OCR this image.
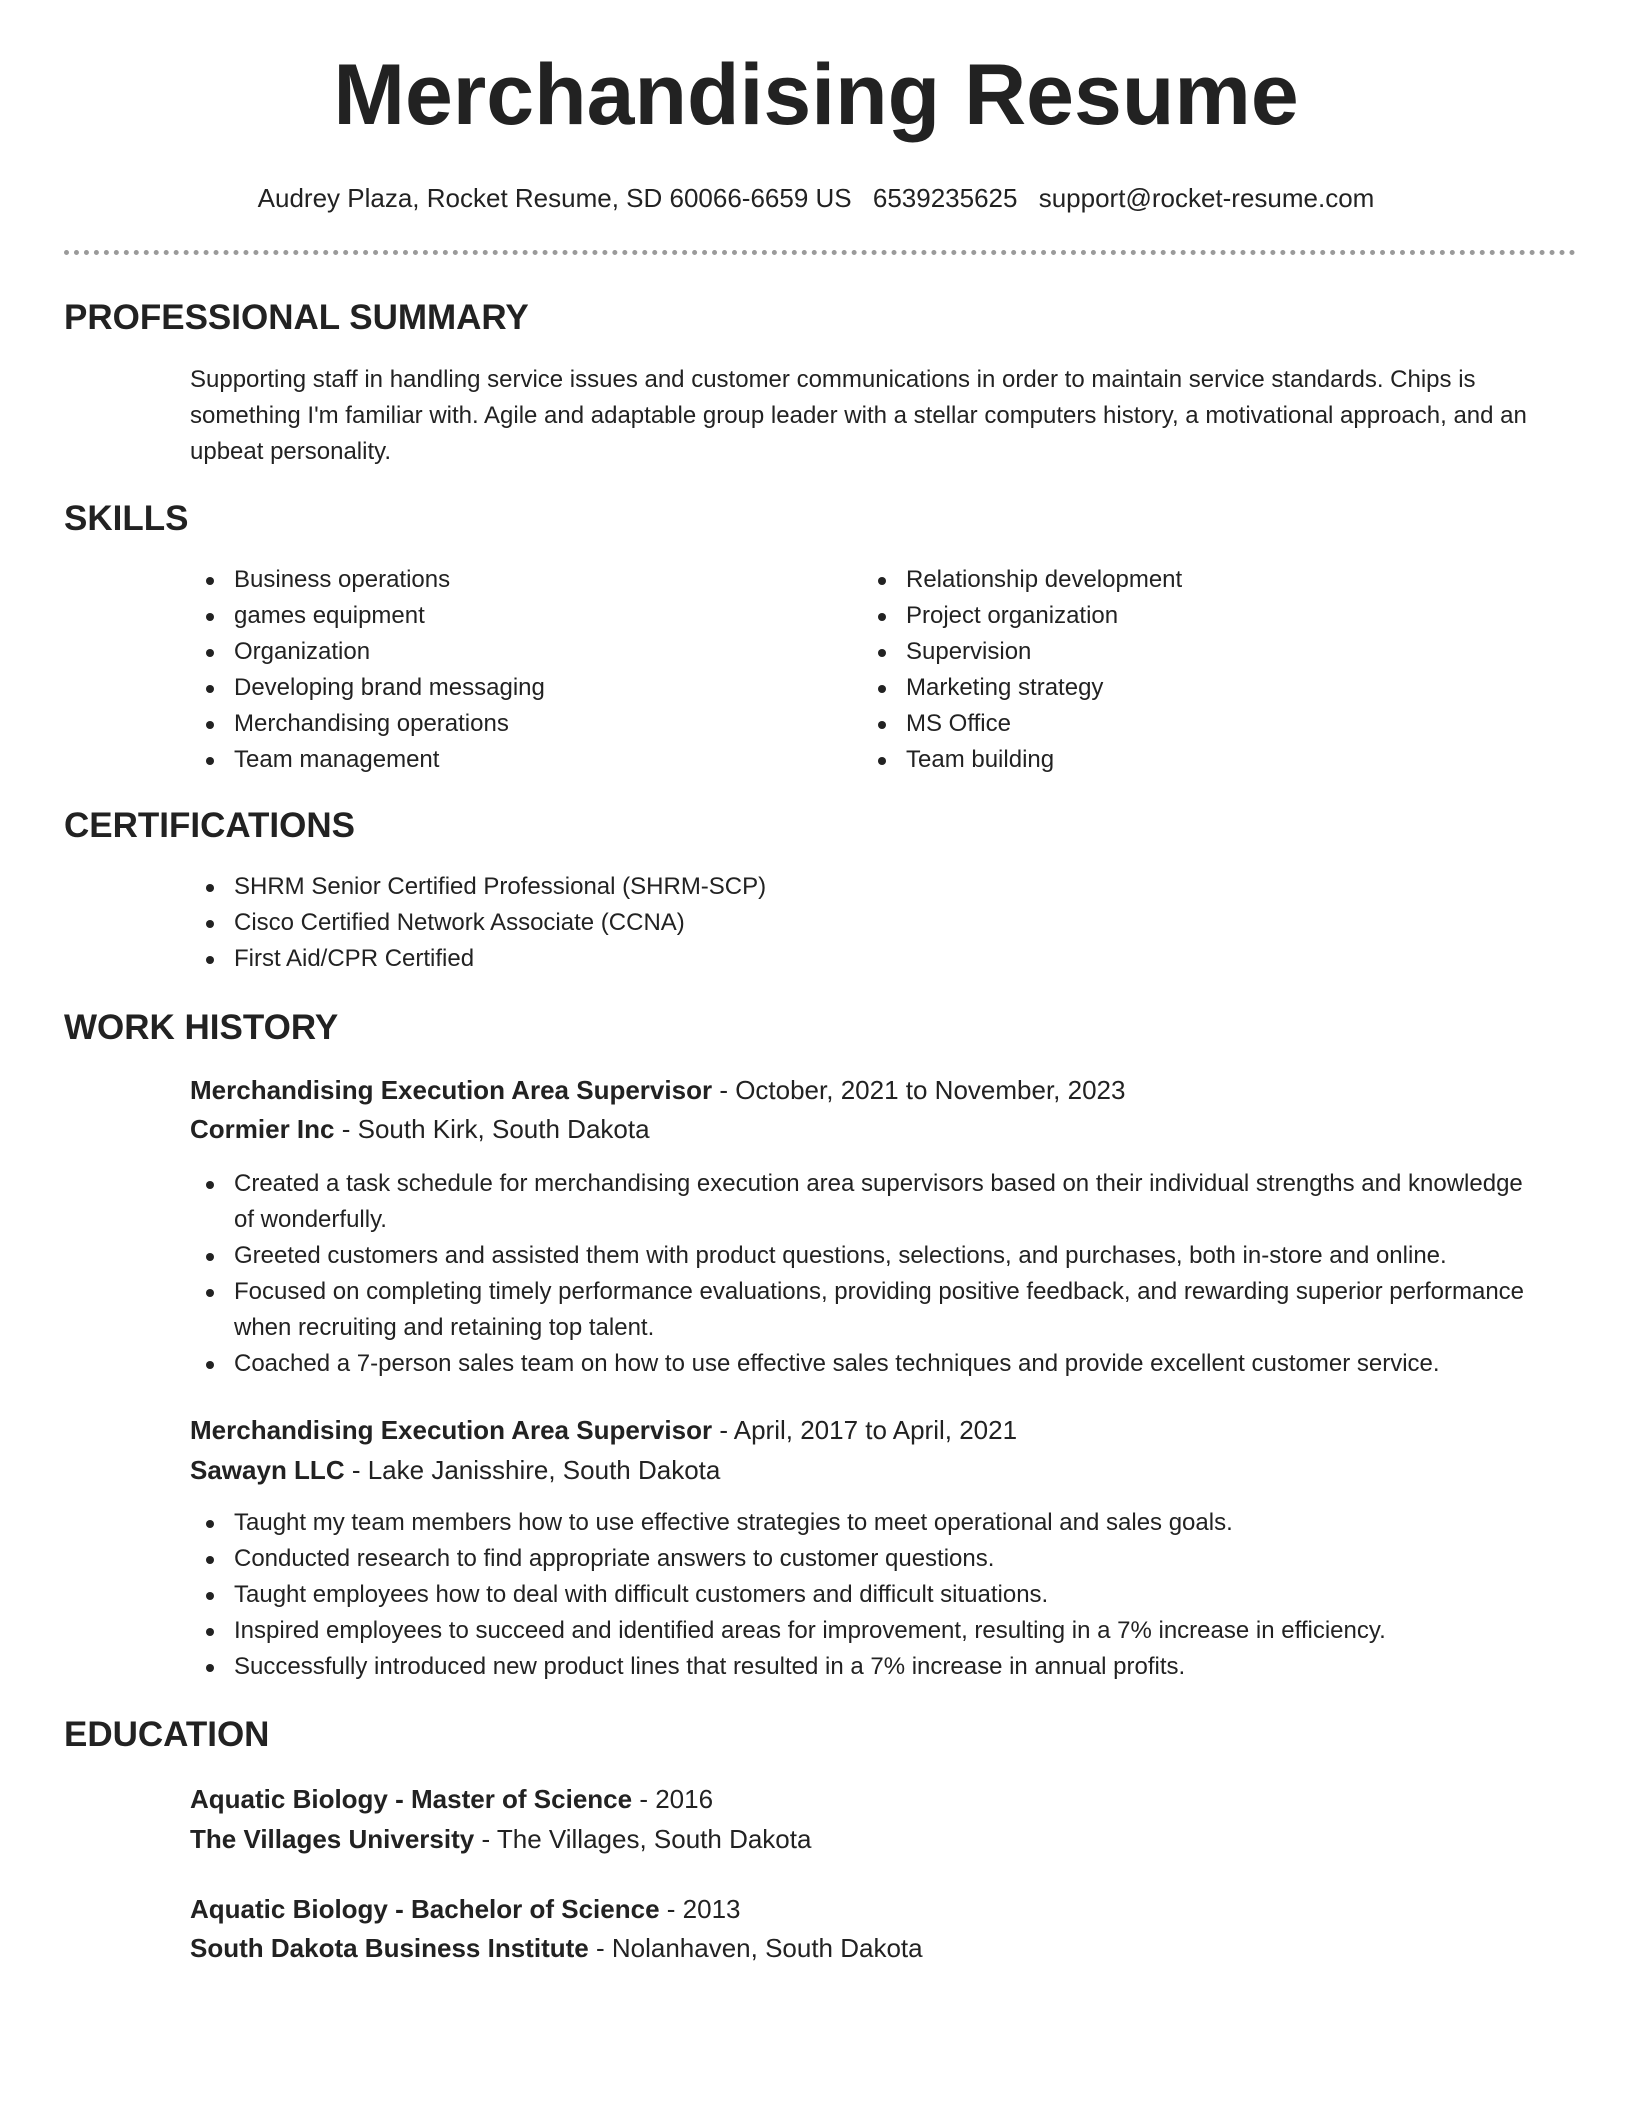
Merchandising Resume
Audrey Plaza, Rocket Resume, SD 60066-6659 US 6539235625 support@rocket-resume.com
PROFESSIONAL SUMMARY

Supporting staff in handling service issues and customer communications in order to maintain service standards. Chips is something I'm familiar with. Agile and adaptable group leader with a stellar computers history, a motivational approach, and an upbeat personality.

SKILLS
Business operations
games equipment
Organization
Developing brand messaging
Merchandising operations
Team management
Relationship development
Project organization
Supervision
Marketing strategy
MS Office
Team building
CERTIFICATIONS
SHRM Senior Certified Professional (SHRM-SCP)
Cisco Certified Network Associate (CCNA)
First Aid/CPR Certified
WORK HISTORY
Merchandising Execution Area Supervisor - October, 2021 to November, 2023
Cormier Inc - South Kirk, South Dakota
Created a task schedule for merchandising execution area supervisors based on their individual strengths and knowledge of wonderfully.
Greeted customers and assisted them with product questions, selections, and purchases, both in-store and online.
Focused on completing timely performance evaluations, providing positive feedback, and rewarding superior performance when recruiting and retaining top talent.
Coached a 7-person sales team on how to use effective sales techniques and provide excellent customer service.
Merchandising Execution Area Supervisor - April, 2017 to April, 2021
Sawayn LLC - Lake Janisshire, South Dakota
Taught my team members how to use effective strategies to meet operational and sales goals.
Conducted research to find appropriate answers to customer questions.
Taught employees how to deal with difficult customers and difficult situations.
Inspired employees to succeed and identified areas for improvement, resulting in a 7% increase in efficiency.
Successfully introduced new product lines that resulted in a 7% increase in annual profits.
EDUCATION
Aquatic Biology - Master of Science - 2016
The Villages University - The Villages, South Dakota
Aquatic Biology - Bachelor of Science - 2013
South Dakota Business Institute - Nolanhaven, South Dakota
